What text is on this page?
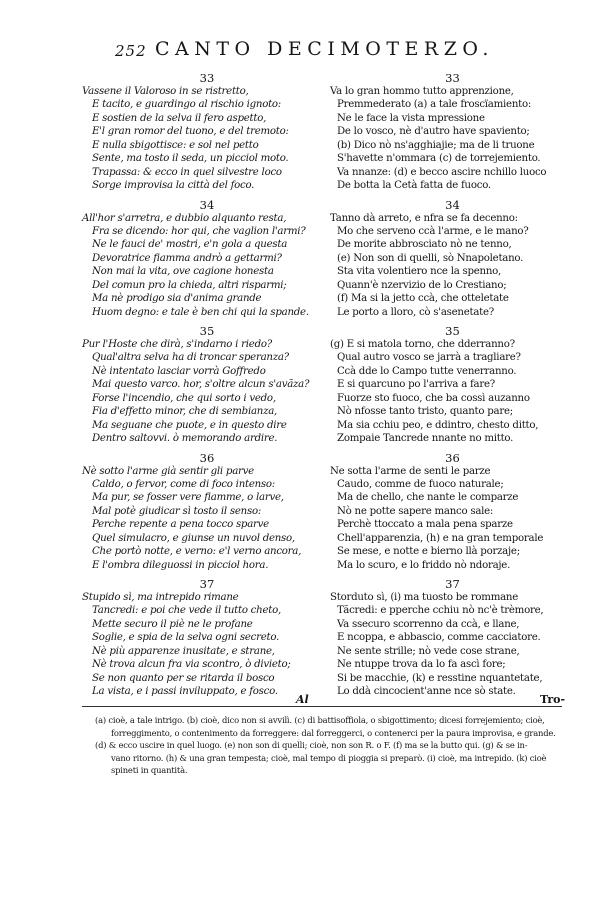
252 CANTO DECIMOTERZO.
33
Vassene il Valoroso in se ristretto,
E tacito, e guardingo al rischio ignoto:
E sostien de la selva il fero aspetto,
E'l gran romor del tuono, e del tremoto:
E nulla sbigottisce: e sol nel petto
Sente, ma tosto il seda, un picciol moto.
Trapassa: & ecco in quel silvestre loco
Sorge improvisa la città del foco.
34
All'hor s'arretra, e dubbio alquanto resta,
Fra se dicendo: hor qui, che vaglion l'armi?
Ne le fauci de' mostri, e'n gola a questa
Devoratrice fiamma andrò a gettarmi?
Non mai la vita, ove cagione honesta
Del comun pro la chieda, altri risparmi;
Ma nè prodigo sia d'anima grande
Huom degno: e tale è ben chi qui la spande.
35
Pur l'Hoste che dirà, s'indarno i riedo?
Qual'altra selva ha di troncar speranza?
Nè intentato lasciar vorrà Goffredo
Mai questo varco. hor, s'oltre alcun s'avãza?
Forse l'incendio, che qui sorto i vedo,
Fia d'effetto minor, che di sembianza,
Ma seguane che puote, e in questo dire
Dentro saltovvi. ò memorando ardire.
36
Nè sotto l'arme già sentir gli parve
Caldo, o fervor, come di foco intenso:
Ma pur, se fosser vere fiamme, o larve,
Mal potè giudicar sì tosto il senso:
Perche repente a pena tocco sparve
Quel simulacro, e giunse un nuvol denso,
Che portò notte, e verno: e'l verno ancora,
E l'ombra dileguossi in picciol hora.
37
Stupido sì, ma intrepido rimane
Tancredi: e poi che vede il tutto cheto,
Mette securo il piè ne le profane
Soglie, e spia de la selva ogni secreto.
Nè più apparenze inusitate, e strane,
Nè trova alcun fra via scontro, ò divieto;
Se non quanto per se ritarda il bosco
La vista, e i passi inviluppato, e fosco.
33
Va lo gran hommo tutto apprenzione,
Premmederato (a) a tale froscïamiento:
Ne le face la vista mpressione
De lo vosco, nè d'autro have spaviento;
(b) Dico nò ns'agghiajie; ma de li truone
S'havette n'ommara (c) de torrejemiento.
Va nnanze: (d) e becco ascire nchillo luoco
De botta la Cetà fatta de fuoco.
34
Tanno dà arreto, e nfra se fa decenno:
Mo che serveno ccà l'arme, e le mano?
De morite abbrosciato nò ne tenno,
(e) Non son di quelli, sò Nnapoletano.
Sta vita volentiero nce la spenno,
Quann'è nzervizio de lo Crestiano;
(f) Ma si la jetto ccà, che otteletate
Le porto a lloro, cò s'asenetate?
35
(g) E si matola torno, che dderranno?
Qual autro vosco se jarrà a tragliare?
Ccà dde lo Campo tutte venerranno.
E si quarcuno po l'arriva a fare?
Fuorze sto fuoco, che ba cossì auzanno
Nò nfosse tanto tristo, quanto pare;
Ma sia cchiu peo, e ddintro, chesto ditto,
Zompaie Tancrede nnante no mitto.
36
Ne sotta l'arme de senti le parze
Caudo, comme de fuoco naturale;
Ma de chello, che nante le comparze
Nò ne potte sapere manco sale:
Perchè ttoccato a mala pena sparze
Chell'apparenzia, (h) e na gran temporale
Se mese, e notte e bierno llà porzaje;
Ma lo scuro, e lo friddo nò ndoraje.
37
Storduto sì, (i) ma tuosto be rommane
Tãcredi: e pperche cchiu nò nc'è trèmore,
Va ssecuro scorrenno da ccà, e llane,
E ncoppa, e abbascio, comme cacciatore.
Ne sente strille; nò vede cose strane,
Ne ntuppe trova da lo fa ascì fore;
Si be macchie, (k) e resstine nquantetate,
Lo ddà cincocient'anne nce sò state.
Al	Tro-
(a) cioè, a tale intrigo. (b) cioè, dico non si avvilì. (c) di battisoffiola, o sbigottimento; dicesi forrejemiento; cioè,
forreggimento, o contenimento da forreggere: dal forreggerci, o contenerci per la paura improvisa, e grande.
(d) & ecco uscire in quel luogo. (e) non son di quelli; cioè, non son R. o F. (f) ma se la butto qui. (g) & se in-
vano ritorno. (h) & una gran tempesta; cioè, mal tempo di pioggia si preparò. (i) cioè, ma intrepido. (k) cioè
spineti in quantità.
